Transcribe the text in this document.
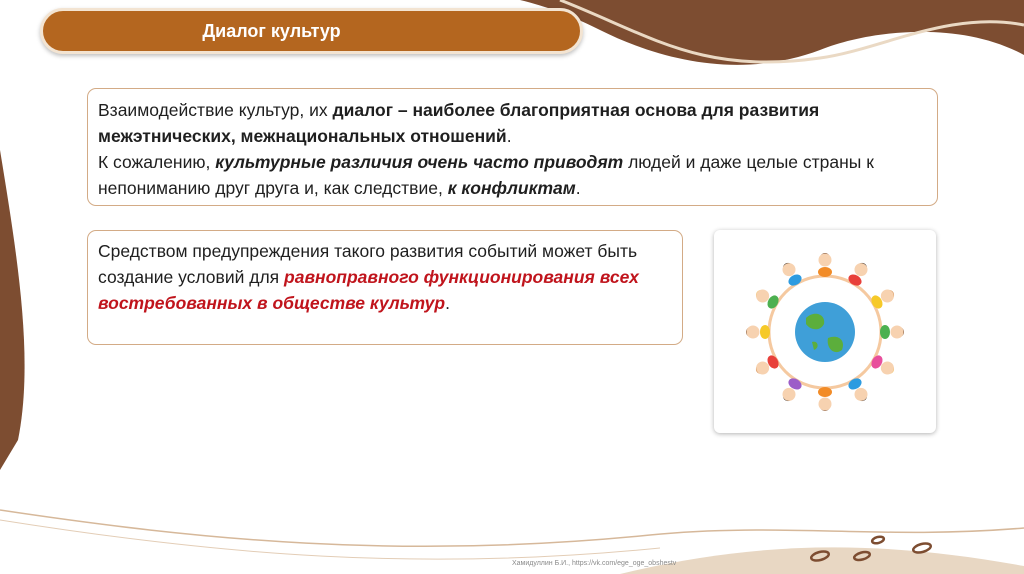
Диалог культур
Взаимодействие культур, их диалог – наиболее благоприятная основа для развития межэтнических, межнациональных отношений.
К сожалению, культурные различия очень часто приводят людей и даже целые страны к непониманию друг друга и, как следствие, к конфликтам.
Средством предупреждения такого развития событий может быть создание условий для равноправного функционирования всех востребованных в обществе культур.
Хамидуллин Б.И., https://vk.com/ege_oge_obshestv
